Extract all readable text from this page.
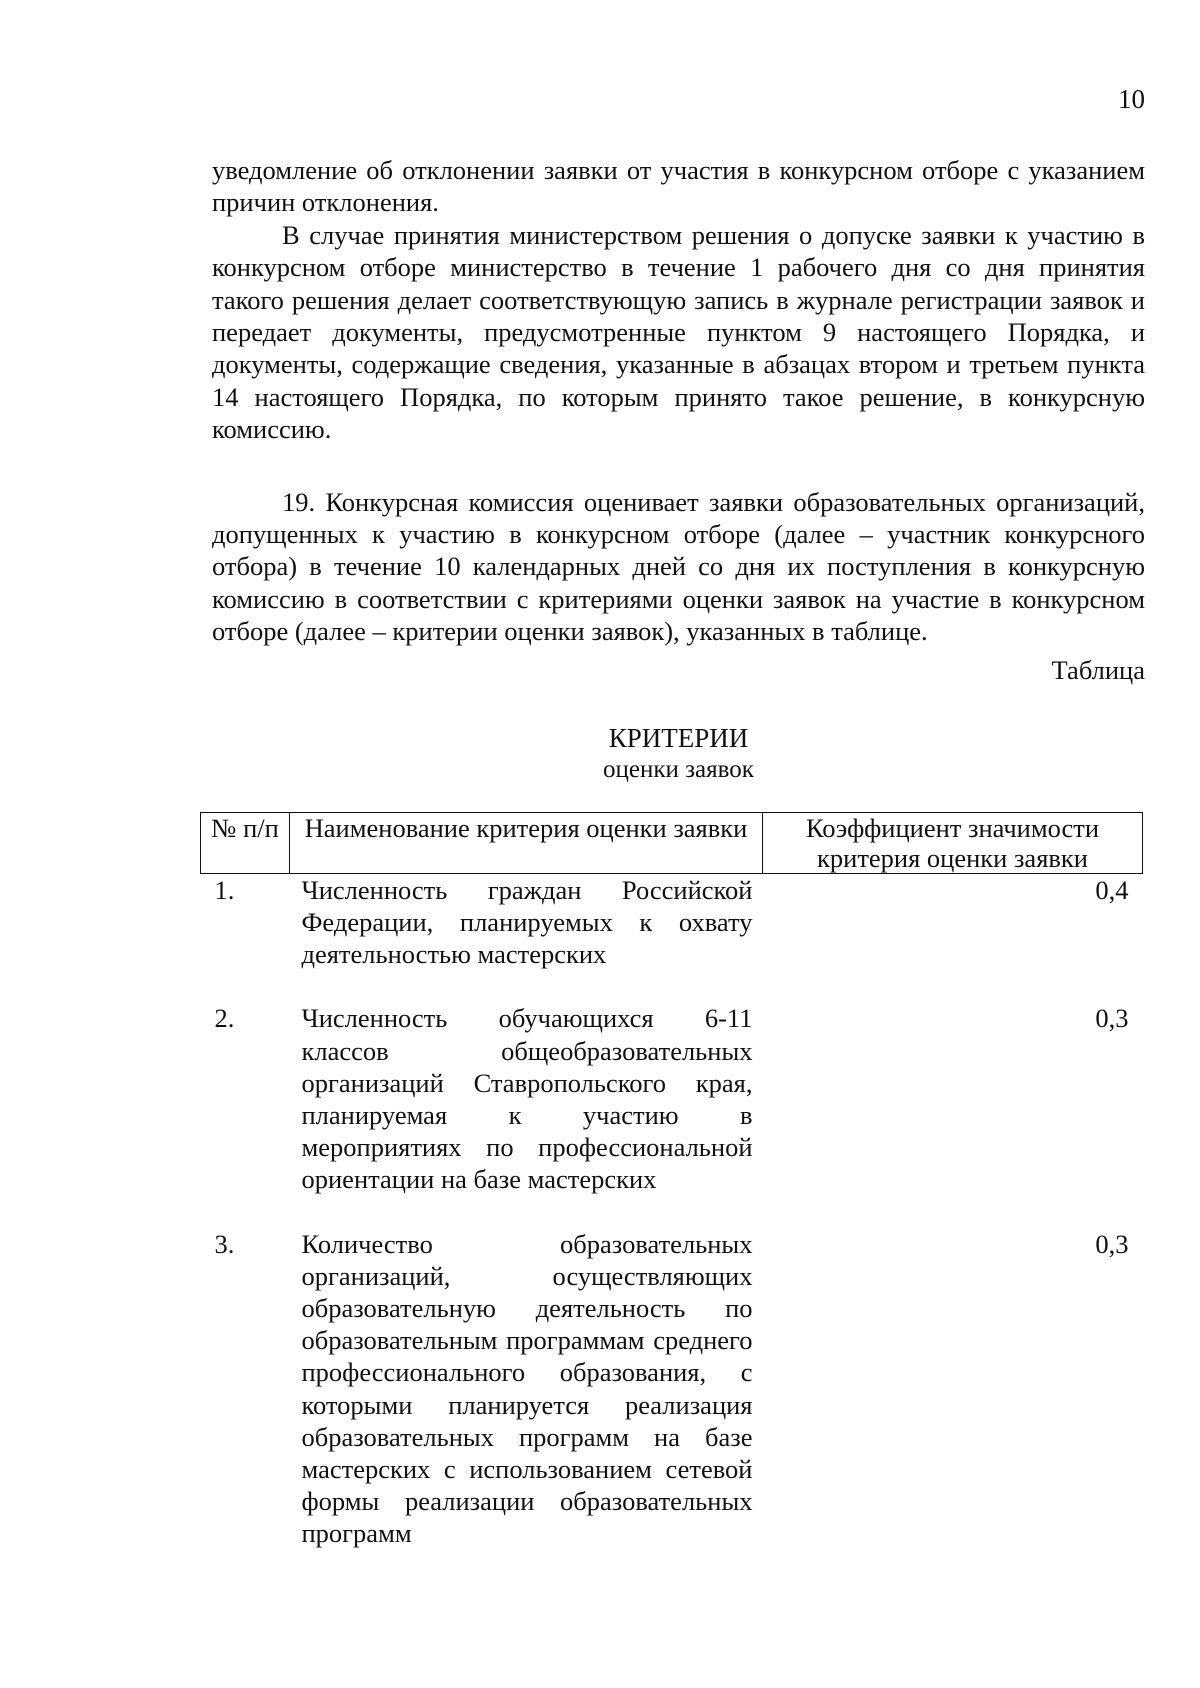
10

уведомление об отклонении заявки от участия в конкурсном отборе с указанием причин отклонения.

В случае принятия министерством решения о допуске заявки к участию в конкурсном отборе министерство в течение 1 рабочего дня со дня принятия такого решения делает соответствующую запись в журнале регистрации заявок и передает документы, предусмотренные пунктом 9 настоящего Порядка, и документы, содержащие сведения, указанные в абзацах втором и третьем пункта 14 настоящего Порядка, по которым принято такое решение, в конкурсную комиссию.

19. Конкурсная комиссия оценивает заявки образовательных организаций, допущенных к участию в конкурсном отборе (далее – участник конкурсного отбора) в течение 10 календарных дней со дня их поступления в конкурсную комиссию в соответствии с критериями оценки заявок на участие в конкурсном отборе (далее – критерии оценки заявок), указанных в таблице.

Таблица
КРИТЕРИИ
оценки заявок
№ п/п	Наименование критерия оценки заявки	Коэффициент значимости критерия оценки заявки
1.	Численность граждан Российской Федерации, планируемых к охвату деятельностью мастерских	0,4
2.	Численность обучающихся 6-11 классов общеобразовательных организаций Ставропольского края, планируемая к участию в мероприятиях по профессиональной ориентации на базе мастерских	0,3
3.	Количество образовательных организаций, осуществляющих образовательную деятельность по образовательным программам среднего профессионального образования, с которыми планируется реализация образовательных программ на базе мастерских с использованием сетевой формы реализации образовательных программ	0,3
